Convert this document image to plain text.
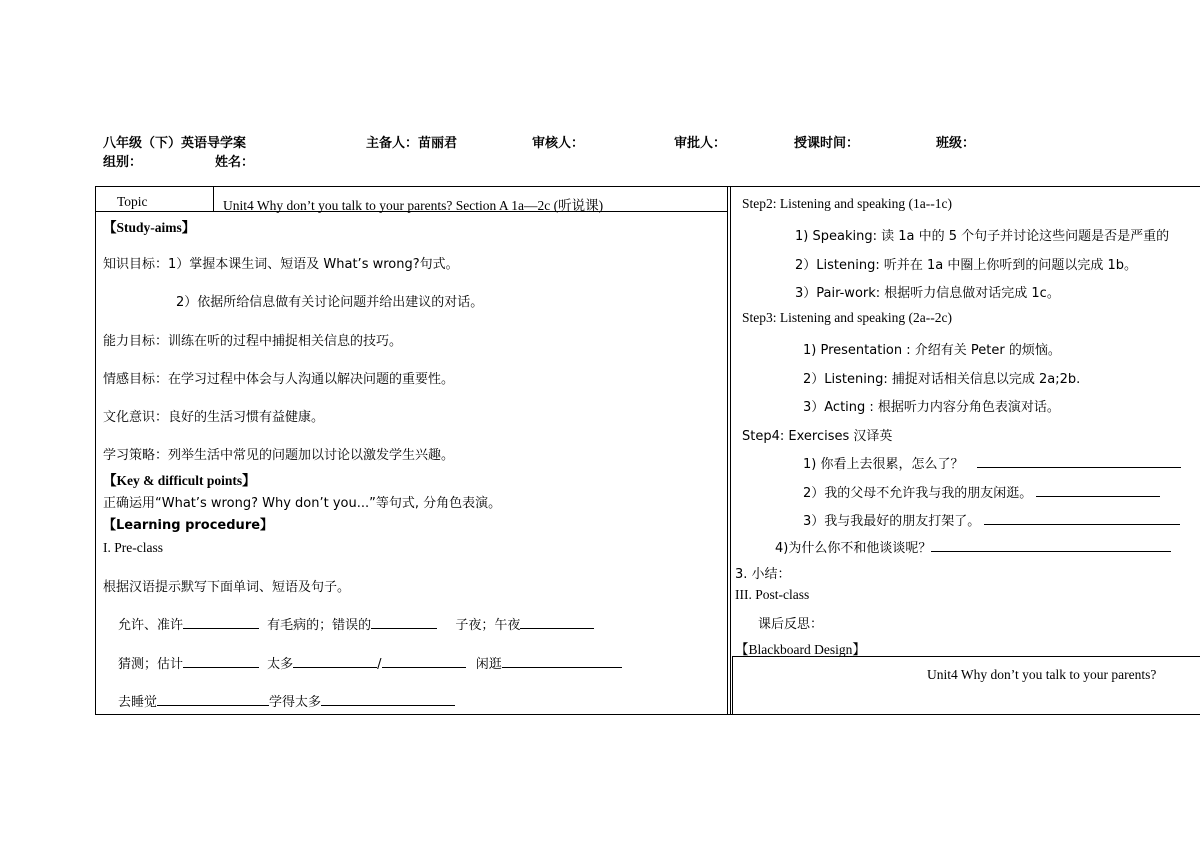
八年级（下）英语导学案	主备人：苗丽君	审核人：	审批人：	授课时间：	班级：
组别：	姓名：
Topic	Unit4 Why don’t you talk to your parents? Section A 1a—2c (听说课)
【Study-aims】
知识目标：1）掌握本课生词、短语及 What’s wrong?句式。
2）依据所给信息做有关讨论问题并给出建议的对话。
能力目标：训练在听的过程中捕捉相关信息的技巧。
情感目标：在学习过程中体会与人沟通以解决问题的重要性。
文化意识：良好的生活习惯有益健康。
学习策略：列举生活中常见的问题加以讨论以激发学生兴趣。
【Key & difficult points】
正确运用“What’s wrong? Why don’t you...”等句式, 分角色表演。
【Learning procedure】
I. Pre-class
根据汉语提示默写下面单词、短语及句子。
允许、准许	有毛病的；错误的	子夜；午夜
猜测；估计	太多	/	闲逛
去睡觉	学得太多
Step2: Listening and speaking (1a--1c)
1) Speaking: 读 1a 中的 5 个句子并讨论这些问题是否是严重的
2）Listening: 听并在 1a 中圈上你听到的问题以完成 1b。
3）Pair-work: 根据听力信息做对话完成 1c。
Step3: Listening and speaking (2a--2c)
1) Presentation : 介绍有关 Peter 的烦恼。
2）Listening: 捕捉对话相关信息以完成 2a;2b.
3）Acting : 根据听力内容分角色表演对话。
Step4: Exercises 汉译英
1) 你看上去很累，怎么了？
2）我的父母不允许我与我的朋友闲逛。
3）我与我最好的朋友打架了。
4)为什么你不和他谈谈呢？
3. 小结：
III. Post-class
课后反思：
【Blackboard Design】
Unit4 Why don’t you talk to your parents?
